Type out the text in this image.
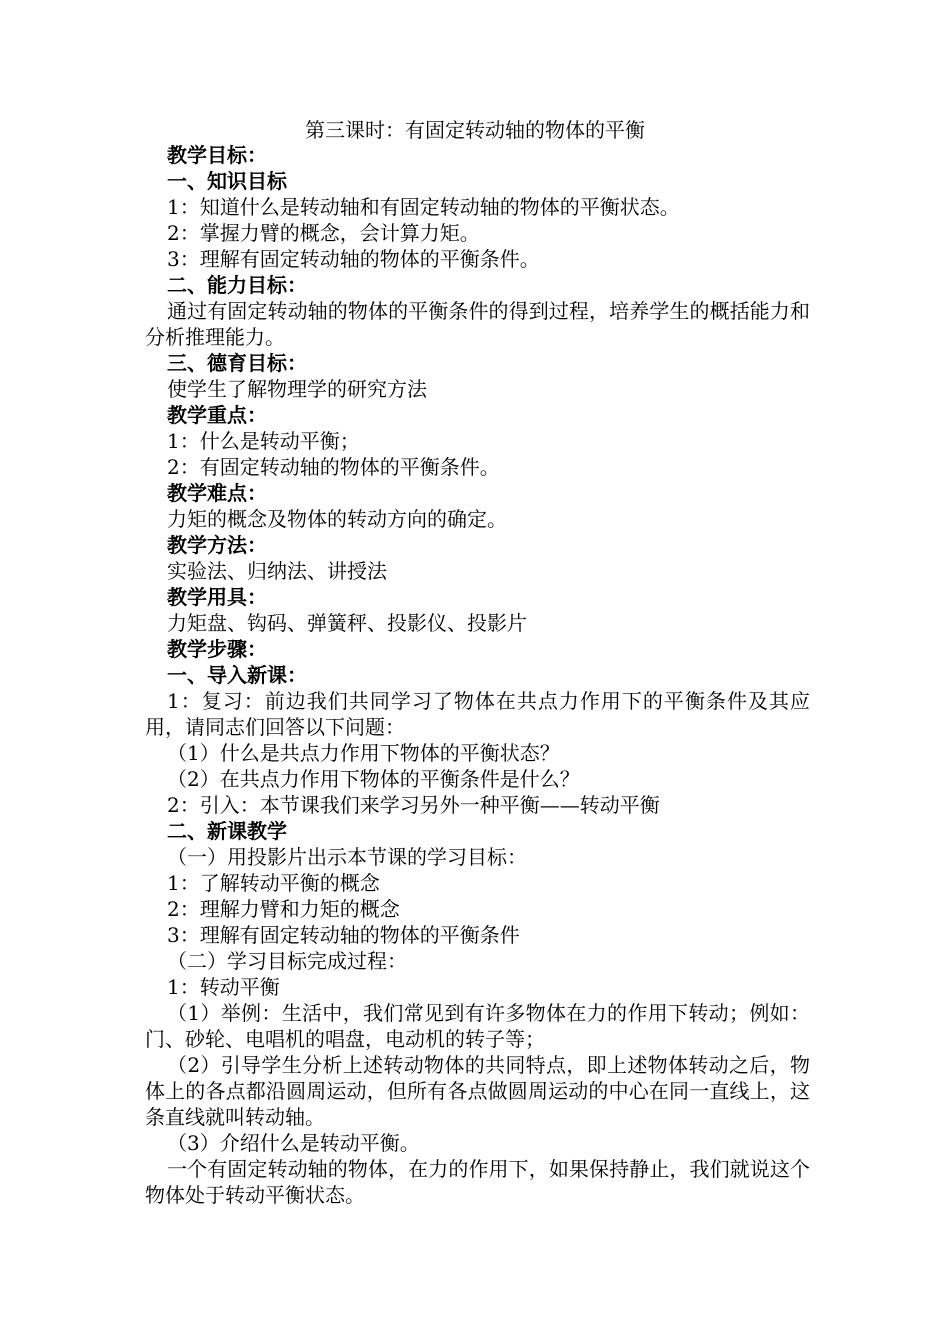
第三课时：有固定转动轴的物体的平衡
教学目标：
一、知识目标
1：知道什么是转动轴和有固定转动轴的物体的平衡状态。
2：掌握力臂的概念，会计算力矩。
3：理解有固定转动轴的物体的平衡条件。
二、能力目标：
通过有固定转动轴的物体的平衡条件的得到过程，培养学生的概括能力和分析推理能力。
三、德育目标：
使学生了解物理学的研究方法
教学重点：
1：什么是转动平衡；
2：有固定转动轴的物体的平衡条件。
教学难点：
力矩的概念及物体的转动方向的确定。
教学方法：
实验法、归纳法、讲授法
教学用具：
力矩盘、钩码、弹簧秤、投影仪、投影片
教学步骤：
一、导入新课：
1：复习：前边我们共同学习了物体在共点力作用下的平衡条件及其应用，请同志们回答以下问题：
（1）什么是共点力作用下物体的平衡状态？
（2）在共点力作用下物体的平衡条件是什么？
2：引入：本节课我们来学习另外一种平衡——转动平衡
二、新课教学
（一）用投影片出示本节课的学习目标：
1：了解转动平衡的概念
2：理解力臂和力矩的概念
3：理解有固定转动轴的物体的平衡条件
（二）学习目标完成过程：
1：转动平衡
（1）举例：生活中，我们常见到有许多物体在力的作用下转动；例如：门、砂轮、电唱机的唱盘，电动机的转子等；
（2）引导学生分析上述转动物体的共同特点，即上述物体转动之后，物体上的各点都沿圆周运动，但所有各点做圆周运动的中心在同一直线上，这条直线就叫转动轴。
（3）介绍什么是转动平衡。
一个有固定转动轴的物体，在力的作用下，如果保持静止，我们就说这个物体处于转动平衡状态。
